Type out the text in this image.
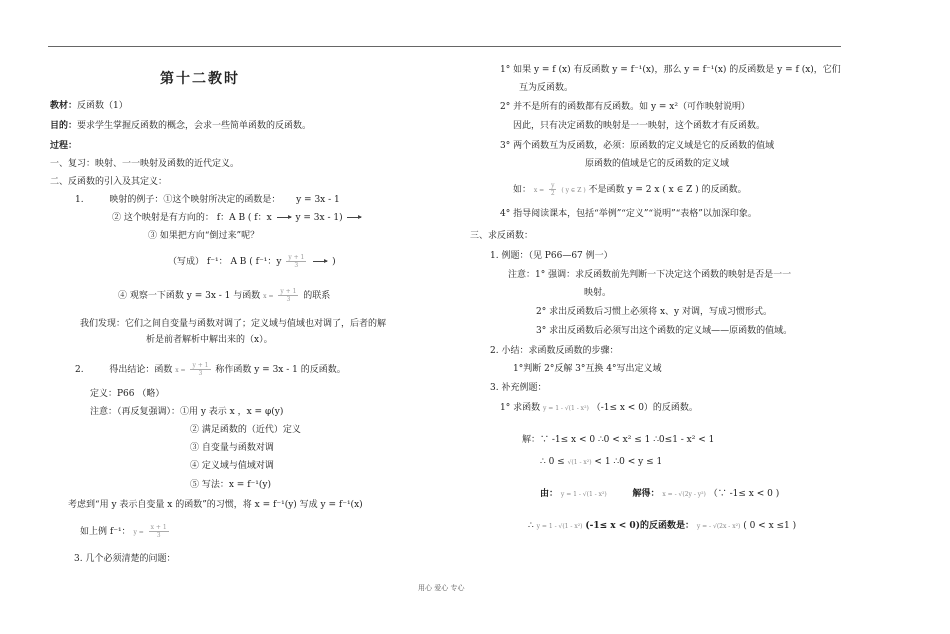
第十二教时
教材：反函数（1）
目的：要求学生掌握反函数的概念，会求一些简单函数的反函数。
过程：
一、复习：映射、一一映射及函数的近代定义。
二、反函数的引入及其定义：
1.	映射的例子：①这个映射所决定的函数是： y = 3x - 1
② 这个映射是有方向的： f：A B ( f：x	y = 3x - 1)
③ 如果把方向“倒过来”呢？
（写成） f⁻¹： A B ( f⁻¹：y $\frac{y + 1}{3}$	)
④ 观察一下函数 y = 3x - 1 与函数 $x = \frac{y + 1}{3}$ 的联系
我们发现：它们之间自变量与函数对调了；定义域与值域也对调了，后者的解
析是前者解析中解出来的（x）。
2.	得出结论：函数 $x = \frac{y + 1}{3}$ 称作函数 y = 3x - 1 的反函数。
定义：P66 （略）
注意：（再反复强调）：①用 y 表示 x ，x = φ(y)
② 满足函数的（近代）定义
③ 自变量与函数对调
④ 定义域与值域对调
⑤ 写法：x = f⁻¹(y)
考虑到“用 y 表示自变量 x 的函数”的习惯，将 x = f⁻¹(y) 写成 y = f⁻¹(x)
如上例 f⁻¹： $y = \frac{x + 1}{3}$
3. 几个必须清楚的问题：
1° 如果 y = f (x) 有反函数 y = f⁻¹(x)，那么 y = f⁻¹(x) 的反函数是 y = f (x)，它们
互为反函数。
2° 并不是所有的函数都有反函数。如 y = x²（可作映射说明）
因此，只有决定函数的映射是一一映射，这个函数才有反函数。
3° 两个函数互为反函数，必须：原函数的定义域是它的反函数的值域
原函数的值域是它的反函数的定义域
如： $x = \frac{y}{2}$ ( y ∈ Z ) 不是函数 y = 2 x ( x ∈ Z ) 的反函数。
4° 指导阅读课本，包括“举例”“定义”“说明”“表格”以加深印象。
三、求反函数：
1. 例题：（见 P66—67 例一）
注意：1° 强调：求反函数前先判断一下决定这个函数的映射是否是一一
映射。
2° 求出反函数后习惯上必须将 x、y 对调，写成习惯形式。
3° 求出反函数后必须写出这个函数的定义域——原函数的值域。
2. 小结：求函数反函数的步骤：
1°判断 2°反解 3°互换 4°写出定义域
3. 补充例题：
1° 求函数 y = 1 - √(1 - x²) （-1≤ x < 0）的反函数。
解：∵ -1≤ x < 0 ∴0 < x² ≤ 1 ∴0≤1 - x² < 1
∴ 0 ≤ √(1 - x²) < 1 ∴0 < y ≤ 1
由： y = 1 - √(1 - x²)	解得： x = - √(2y - y²) （∵ -1≤ x < 0 )
∴ y = 1 - √(1 - x²) (-1≤ x < 0)的反函数是： y = - √(2x - x²) ( 0 < x ≤1 )
用心 爱心 专心
